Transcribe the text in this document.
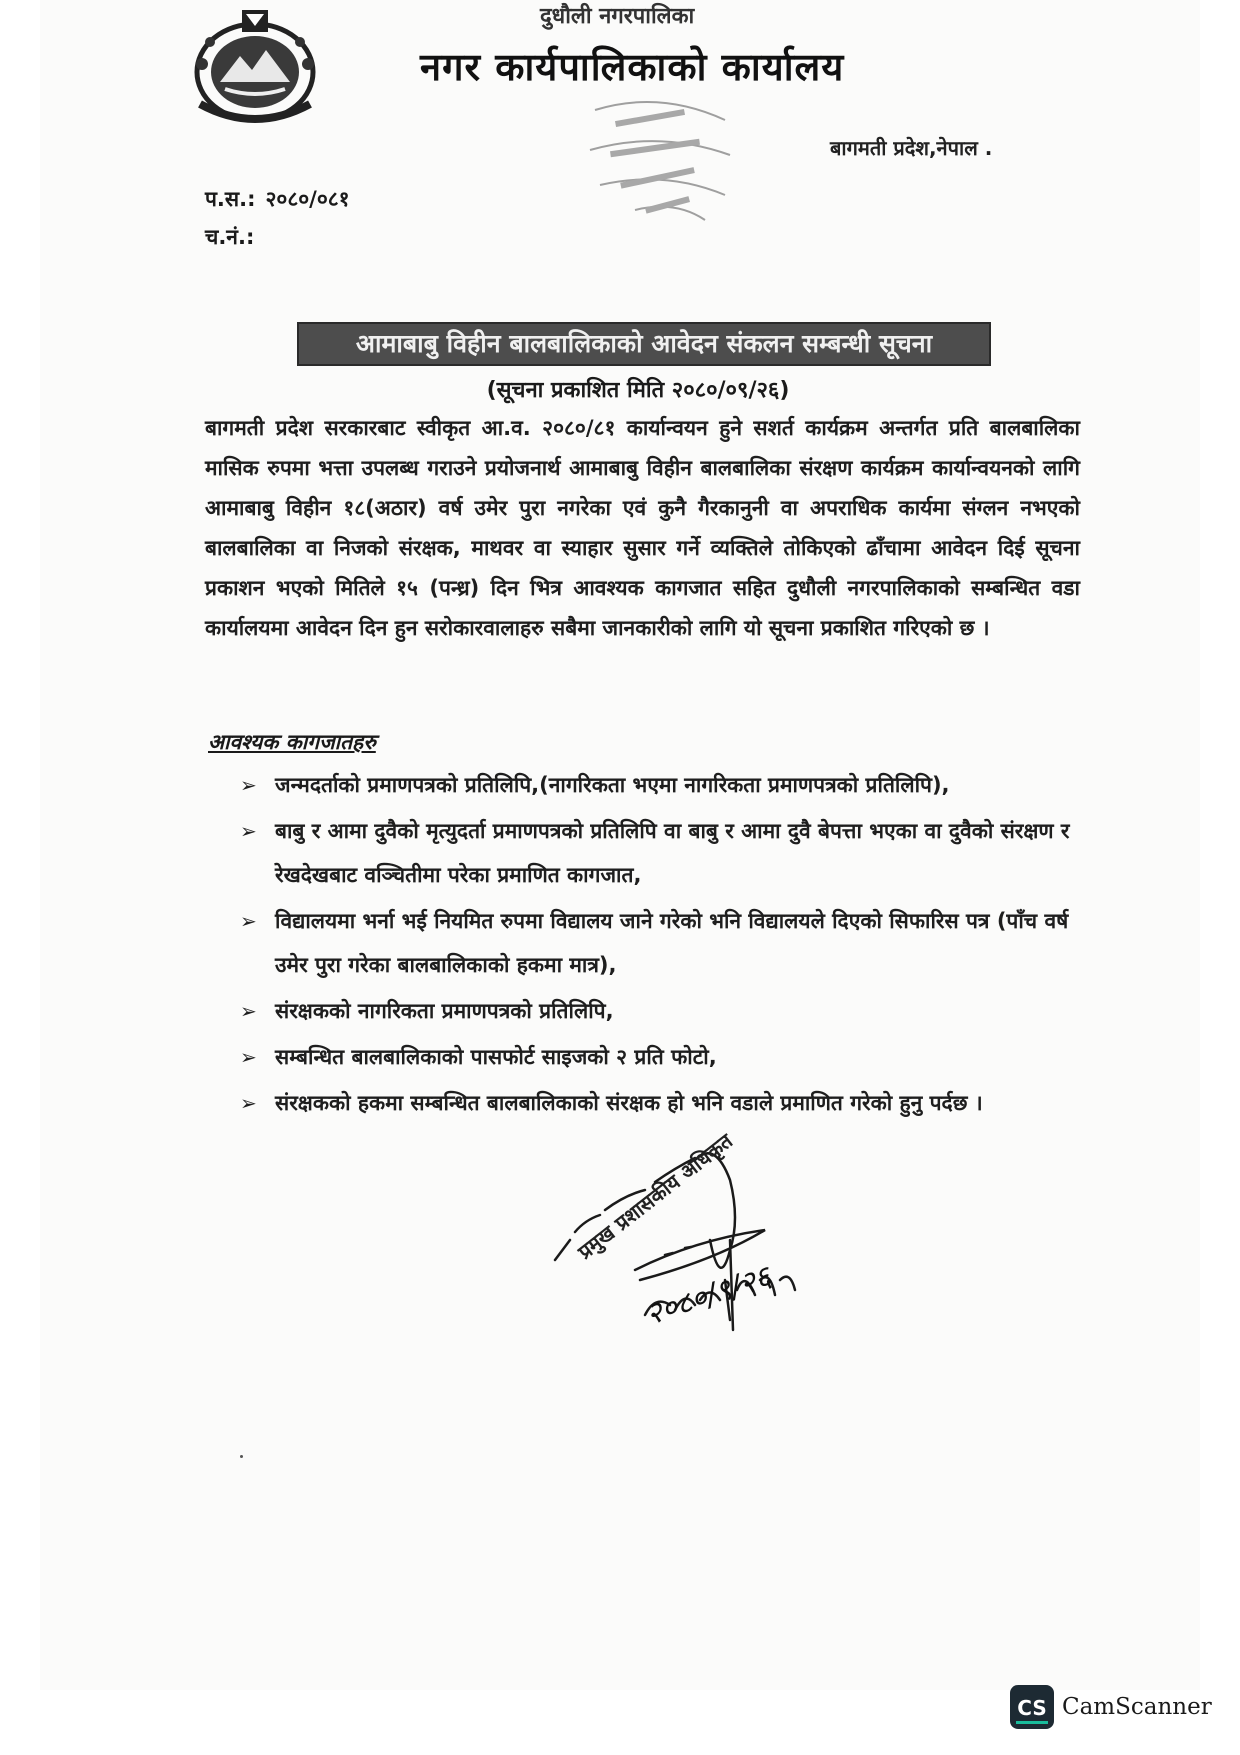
दुधौली नगरपालिका
नगर कार्यपालिकाको कार्यालय
बागमती प्रदेश,नेपाल .
प.स.: २०८०/०८१
च.नं.:
आमाबाबु विहीन बालबालिकाको आवेदन संकलन सम्बन्धी सूचना
(सूचना प्रकाशित मिति २०८०/०९/२६)
बागमती प्रदेश सरकारबाट स्वीकृत आ.व. २०८०/८१ कार्यान्वयन हुने सशर्त कार्यक्रम अन्तर्गत प्रति बालबालिका मासिक रुपमा भत्ता उपलब्ध गराउने प्रयोजनार्थ आमाबाबु विहीन बालबालिका संरक्षण कार्यक्रम कार्यान्वयनको लागि आमाबाबु विहीन १८(अठार) वर्ष उमेर पुरा नगरेका एवं कुनै गैरकानुनी वा अपराधिक कार्यमा संग्लन नभएको बालबालिका वा निजको संरक्षक, माथवर वा स्याहार सुसार गर्ने व्यक्तिले तोकिएको ढाँचामा आवेदन दिई सूचना प्रकाशन भएको मितिले १५ (पन्ध्र) दिन भित्र आवश्यक कागजात सहित दुधौली नगरपालिकाको सम्बन्धित वडा कार्यालयमा आवेदन दिन हुन सरोकारवालाहरु सबैमा जानकारीको लागि यो सूचना प्रकाशित गरिएको छ ।
आवश्यक कागजातहरु
➢ जन्मदर्ताको प्रमाणपत्रको प्रतिलिपि,(नागरिकता भएमा नागरिकता प्रमाणपत्रको प्रतिलिपि),
➢ बाबु र आमा दुवैको मृत्युदर्ता प्रमाणपत्रको प्रतिलिपि वा बाबु र आमा दुवै बेपत्ता भएका वा दुवैको संरक्षण र रेखदेखबाट वञ्चितीमा परेका प्रमाणित कागजात,
➢ विद्यालयमा भर्ना भई नियमित रुपमा विद्यालय जाने गरेको भनि विद्यालयले दिएको सिफारिस पत्र (पाँच वर्ष उमेर पुरा गरेका बालबालिकाको हकमा मात्र),
➢ संरक्षकको नागरिकता प्रमाणपत्रको प्रतिलिपि,
➢ सम्बन्धित बालबालिकाको पासफोर्ट साइजको २ प्रति फोटो,
➢ संरक्षकको हकमा सम्बन्धित बालबालिकाको संरक्षक हो भनि वडाले प्रमाणित गरेको हुनु पर्दछ ।
प्रमुख प्रशासकीय अधिकृत
२०८०/९/२६
CS CamScanner
